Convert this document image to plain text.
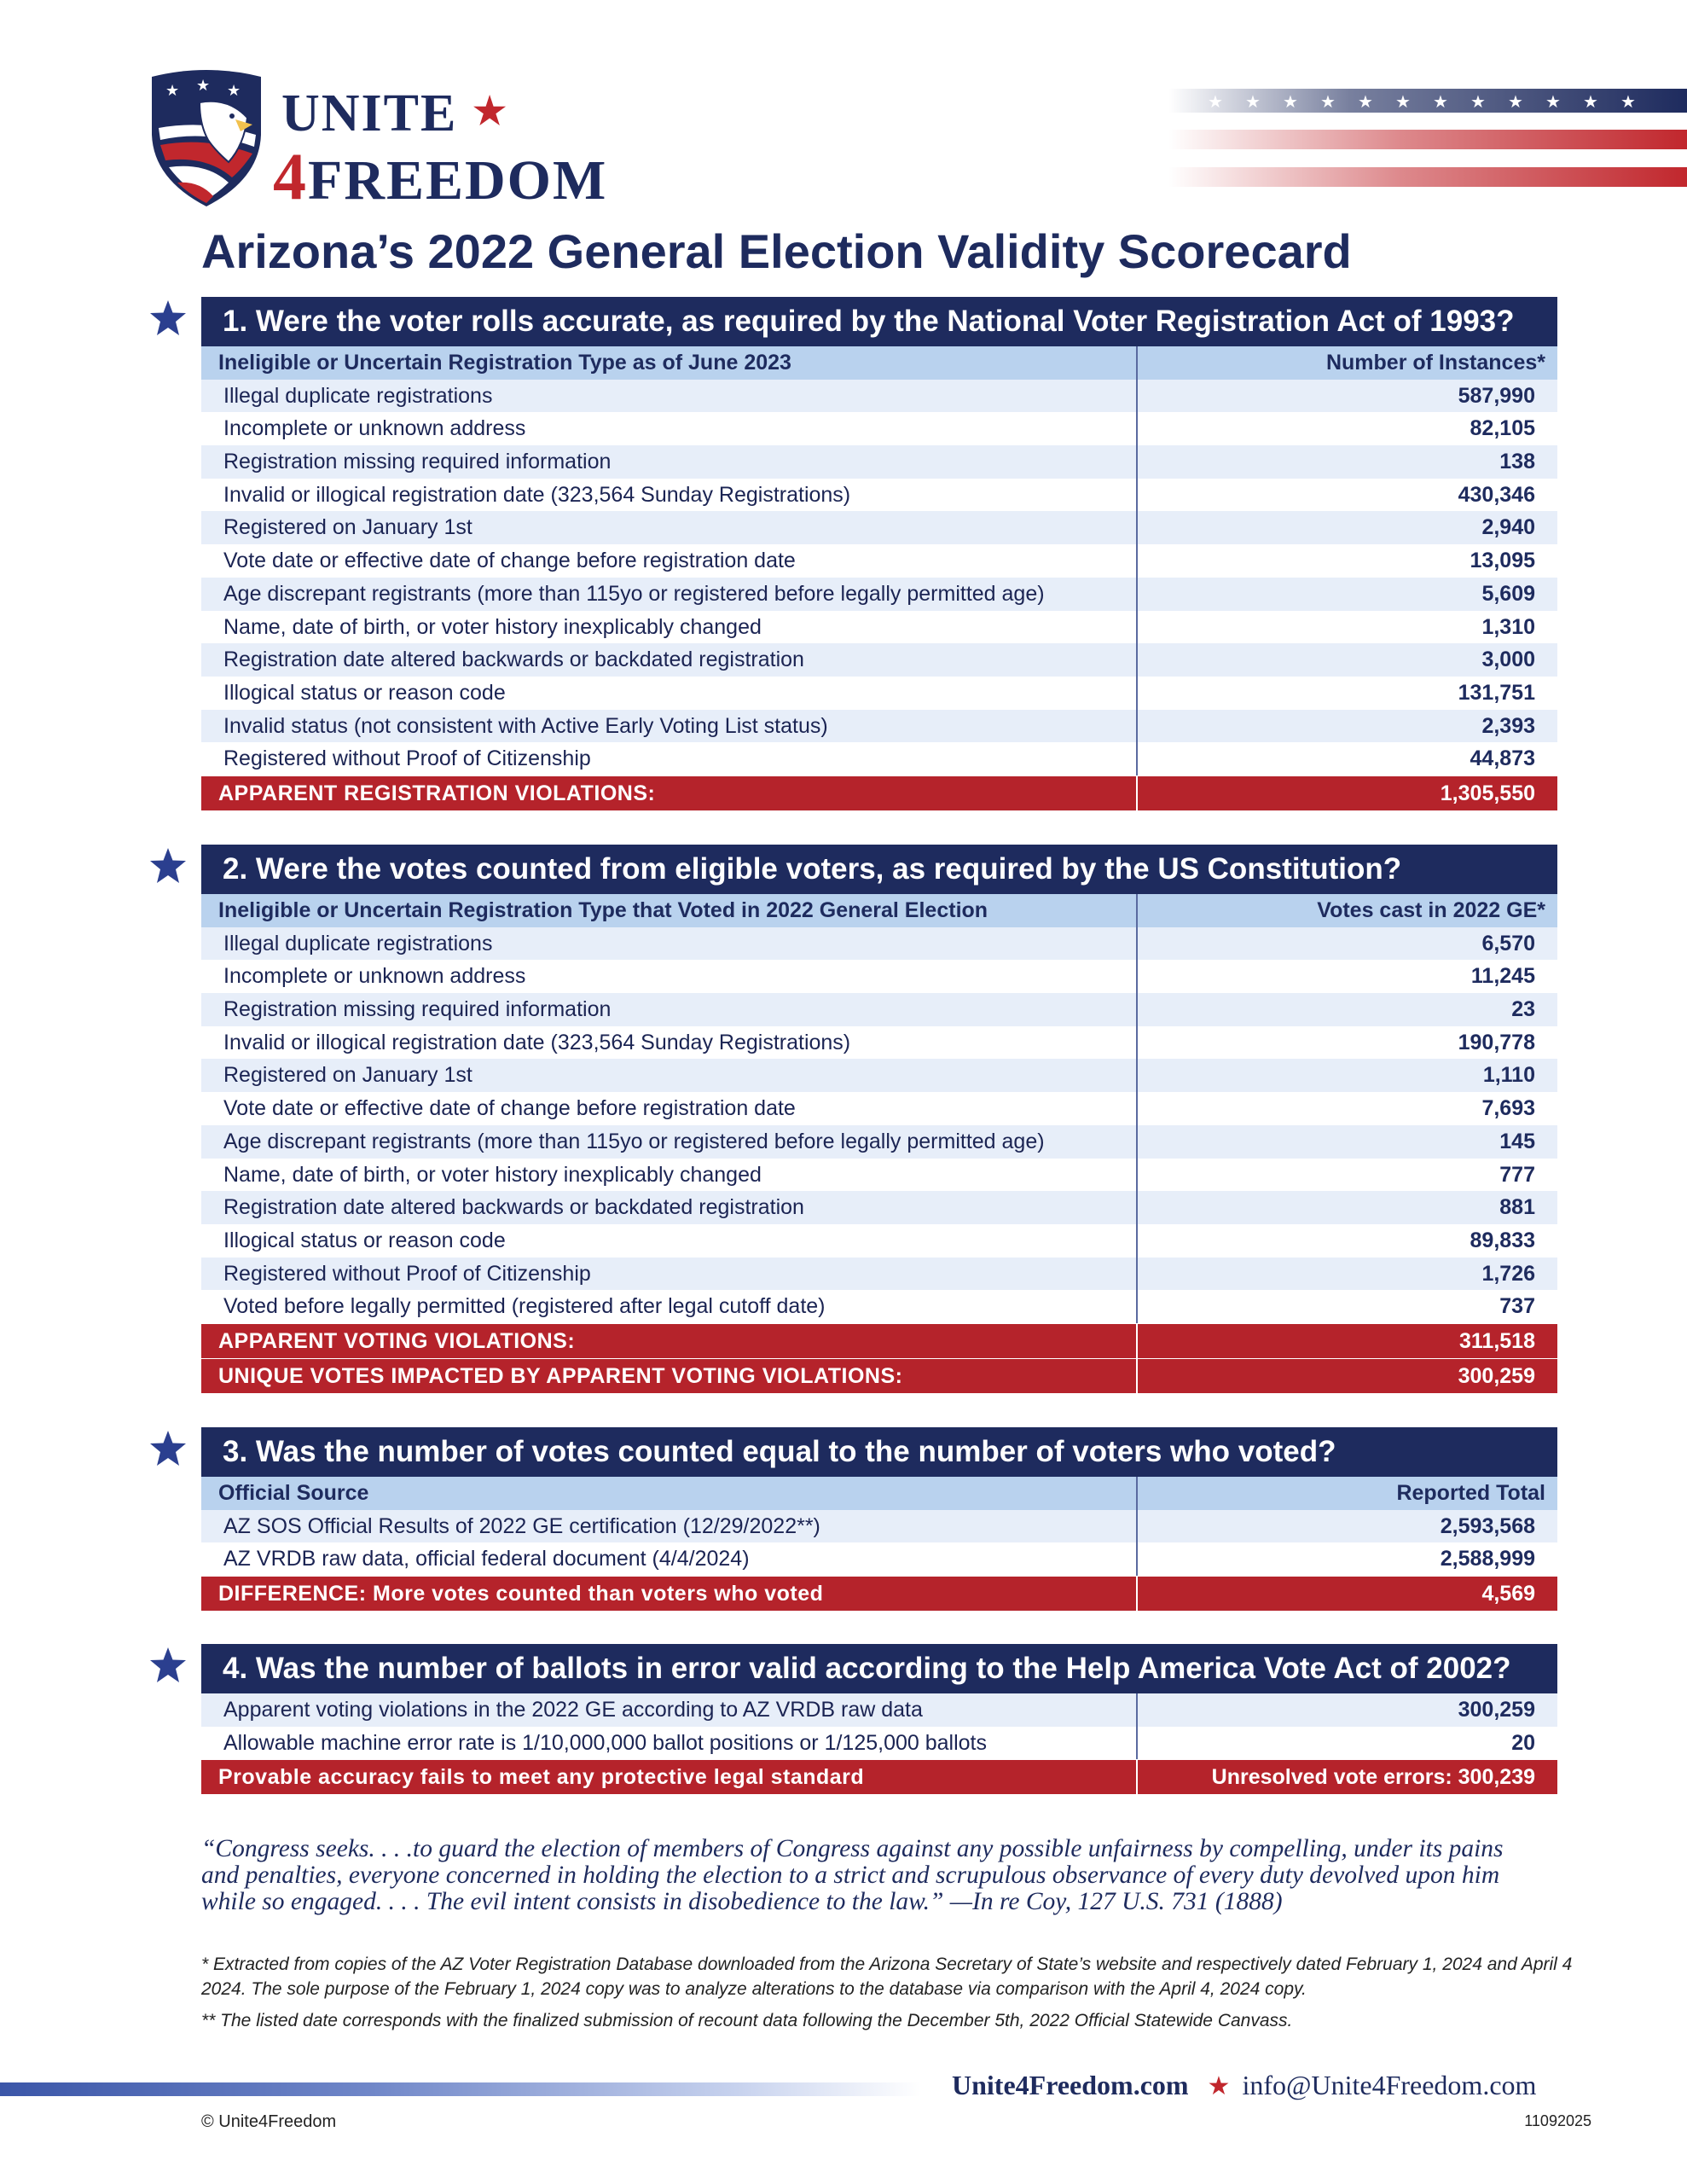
★ ★ ★ UNITE ★
4FREEDOM
★ ★ ★ ★ ★ ★ ★ ★ ★ ★ ★ ★
Arizona’s 2022 General Election Validity Scorecard
1. Were the voter rolls accurate, as required by the National Voter Registration Act of 1993?
Ineligible or Uncertain Registration Type as of June 2023	Number of Instances*
Illegal duplicate registrations	587,990
Incomplete or unknown address	82,105
Registration missing required information	138
Invalid or illogical registration date (323,564 Sunday Registrations)	430,346
Registered on January 1st	2,940
Vote date or effective date of change before registration date	13,095
Age discrepant registrants (more than 115yo or registered before legally permitted age)	5,609
Name, date of birth, or voter history inexplicably changed	1,310
Registration date altered backwards or backdated registration	3,000
Illogical status or reason code	131,751
Invalid status (not consistent with Active Early Voting List status)	2,393
Registered without Proof of Citizenship	44,873
APPARENT REGISTRATION VIOLATIONS:	1,305,550
2. Were the votes counted from eligible voters, as required by the US Constitution?
Ineligible or Uncertain Registration Type that Voted in 2022 General Election	Votes cast in 2022 GE*
Illegal duplicate registrations	6,570
Incomplete or unknown address	11,245
Registration missing required information	23
Invalid or illogical registration date (323,564 Sunday Registrations)	190,778
Registered on January 1st	1,110
Vote date or effective date of change before registration date	7,693
Age discrepant registrants (more than 115yo or registered before legally permitted age)	145
Name, date of birth, or voter history inexplicably changed	777
Registration date altered backwards or backdated registration	881
Illogical status or reason code	89,833
Registered without Proof of Citizenship	1,726
Voted before legally permitted (registered after legal cutoff date)	737
APPARENT VOTING VIOLATIONS:	311,518
UNIQUE VOTES IMPACTED BY APPARENT VOTING VIOLATIONS:	300,259
3. Was the number of votes counted equal to the number of voters who voted?
Official Source	Reported Total
AZ SOS Official Results of 2022 GE certification (12/29/2022**)	2,593,568
AZ VRDB raw data, official federal document (4/4/2024)	2,588,999
DIFFERENCE: More votes counted than voters who voted	4,569
4. Was the number of ballots in error valid according to the Help America Vote Act of 2002?
Apparent voting violations in the 2022 GE according to AZ VRDB raw data	300,259
Allowable machine error rate is 1/10,000,000 ballot positions or 1/125,000 ballots	20
Provable accuracy fails to meet any protective legal standard	Unresolved vote errors: 300,239

“Congress seeks. . . .to guard the election of members of Congress against any possible unfairness by compelling, under its pains and penalties, everyone concerned in holding the election to a strict and scrupulous observance of every duty devolved upon him while so engaged. . . . The evil intent consists in disobedience to the law.” —In re Coy, 127 U.S. 731 (1888)

* Extracted from copies of the AZ Voter Registration Database downloaded from the Arizona Secretary of State’s website and respectively dated February 1, 2024 and April 4 2024. The sole purpose of the February 1, 2024 copy was to analyze alterations to the database via comparison with the April 4, 2024 copy.

** The listed date corresponds with the finalized submission of recount data following the December 5th, 2022 Official Statewide Canvass.

Unite4Freedom.com ★ info@Unite4Freedom.com
© Unite4Freedom	11092025
